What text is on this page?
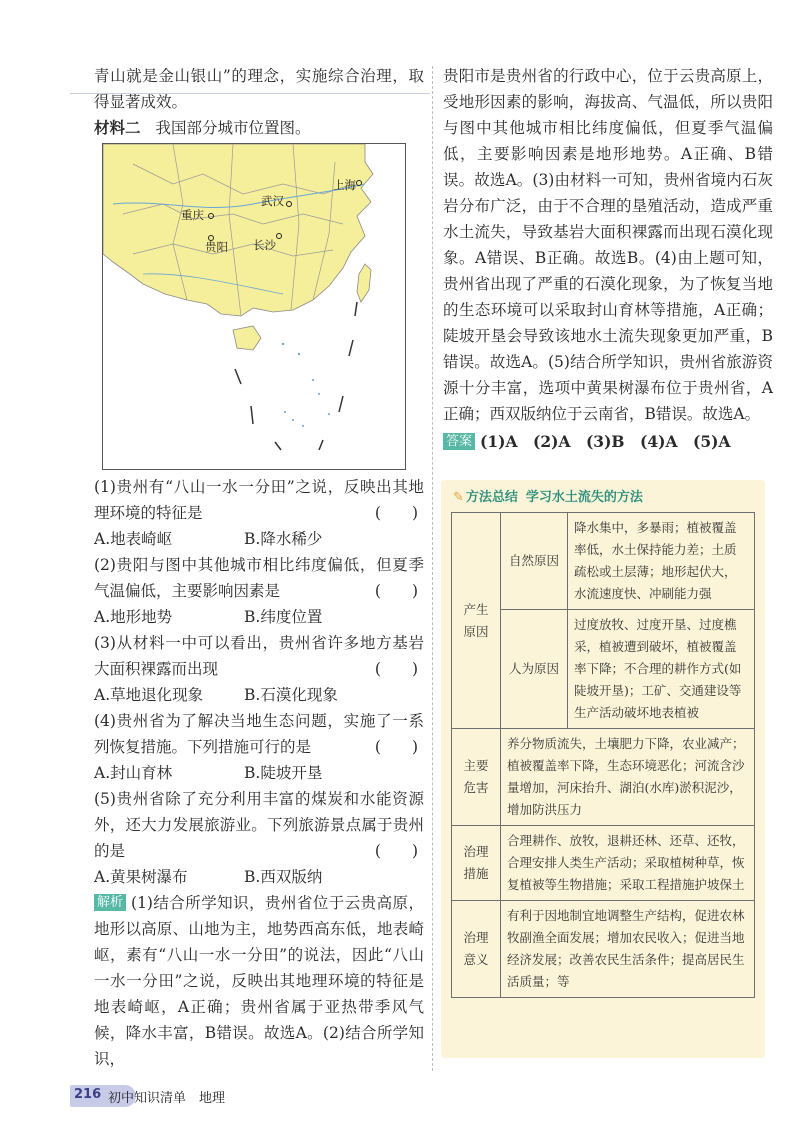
青山就是金山银山”的理念，实施综合治理，取得显著成效。

材料二 我国部分城市位置图。

上海
武汉
重庆
贵阳 长沙

(1)贵州有“八山一水一分田”之说，反映出其地理环境的特征是	(　　)

A.地表崎岖	B.降水稀少

(2)贵阳与图中其他城市相比纬度偏低，但夏季气温偏低，主要影响因素是	(　　)

A.地形地势	B.纬度位置

(3)从材料一中可以看出，贵州省许多地方基岩大面积裸露而出现	(　　)

A.草地退化现象	B.石漠化现象

(4)贵州省为了解决当地生态问题，实施了一系列恢复措施。下列措施可行的是	(　　)

A.封山育林	B.陡坡开垦

(5)贵州省除了充分利用丰富的煤炭和水能资源外，还大力发展旅游业。下列旅游景点属于贵州的是	(　　)

A.黄果树瀑布	B.西双版纳

解析 (1)结合所学知识，贵州省位于云贵高原，地形以高原、山地为主，地势西高东低，地表崎岖，素有“八山一水一分田”的说法，因此“八山一水一分田”之说，反映出其地理环境的特征是地表崎岖，A正确；贵州省属于亚热带季风气候，降水丰富，B错误。故选A。(2)结合所学知识，

贵阳市是贵州省的行政中心，位于云贵高原上，受地形因素的影响，海拔高、气温低，所以贵阳与图中其他城市相比纬度偏低，但夏季气温偏低，主要影响因素是地形地势。A正确、B错误。故选A。(3)由材料一可知，贵州省境内石灰岩分布广泛，由于不合理的垦殖活动，造成严重水土流失，导致基岩大面积裸露而出现石漠化现象。A错误、B正确。故选B。(4)由上题可知，贵州省出现了严重的石漠化现象，为了恢复当地的生态环境可以采取封山育林等措施，A正确；陡坡开垦会导致该地水土流失现象更加严重，B错误。故选A。(5)结合所学知识，贵州省旅游资源十分丰富，选项中黄果树瀑布位于贵州省，A正确；西双版纳位于云南省，B错误。故选A。

答案 (1)A　(2)A　(3)B　(4)A　(5)A

✎ 方法总结 学习水土流失的方法
产生原因	自然原因	降水集中，多暴雨；植被覆盖率低，水土保持能力差；土质疏松或土层薄；地形起伏大，水流速度快、冲刷能力强
	人为原因	过度放牧、过度开垦、过度樵采，植被遭到破坏，植被覆盖率下降；不合理的耕作方式(如陡坡开垦)；工矿、交通建设等生产活动破坏地表植被
主要危害	养分物质流失，土壤肥力下降，农业减产；植被覆盖率下降，生态环境恶化；河流含沙量增加，河床抬升、湖泊(水库)淤积泥沙，增加防洪压力	
治理措施	合理耕作、放牧，退耕还林、还草、还牧，合理安排人类生产活动；采取植树种草，恢复植被等生物措施；采取工程措施护坡保土	
治理意义	有利于因地制宜地调整生产结构，促进农林牧副渔全面发展；增加农民收入；促进当地经济发展；改善农民生活条件；提高居民生活质量；等	
216 初中知识清单　地理
